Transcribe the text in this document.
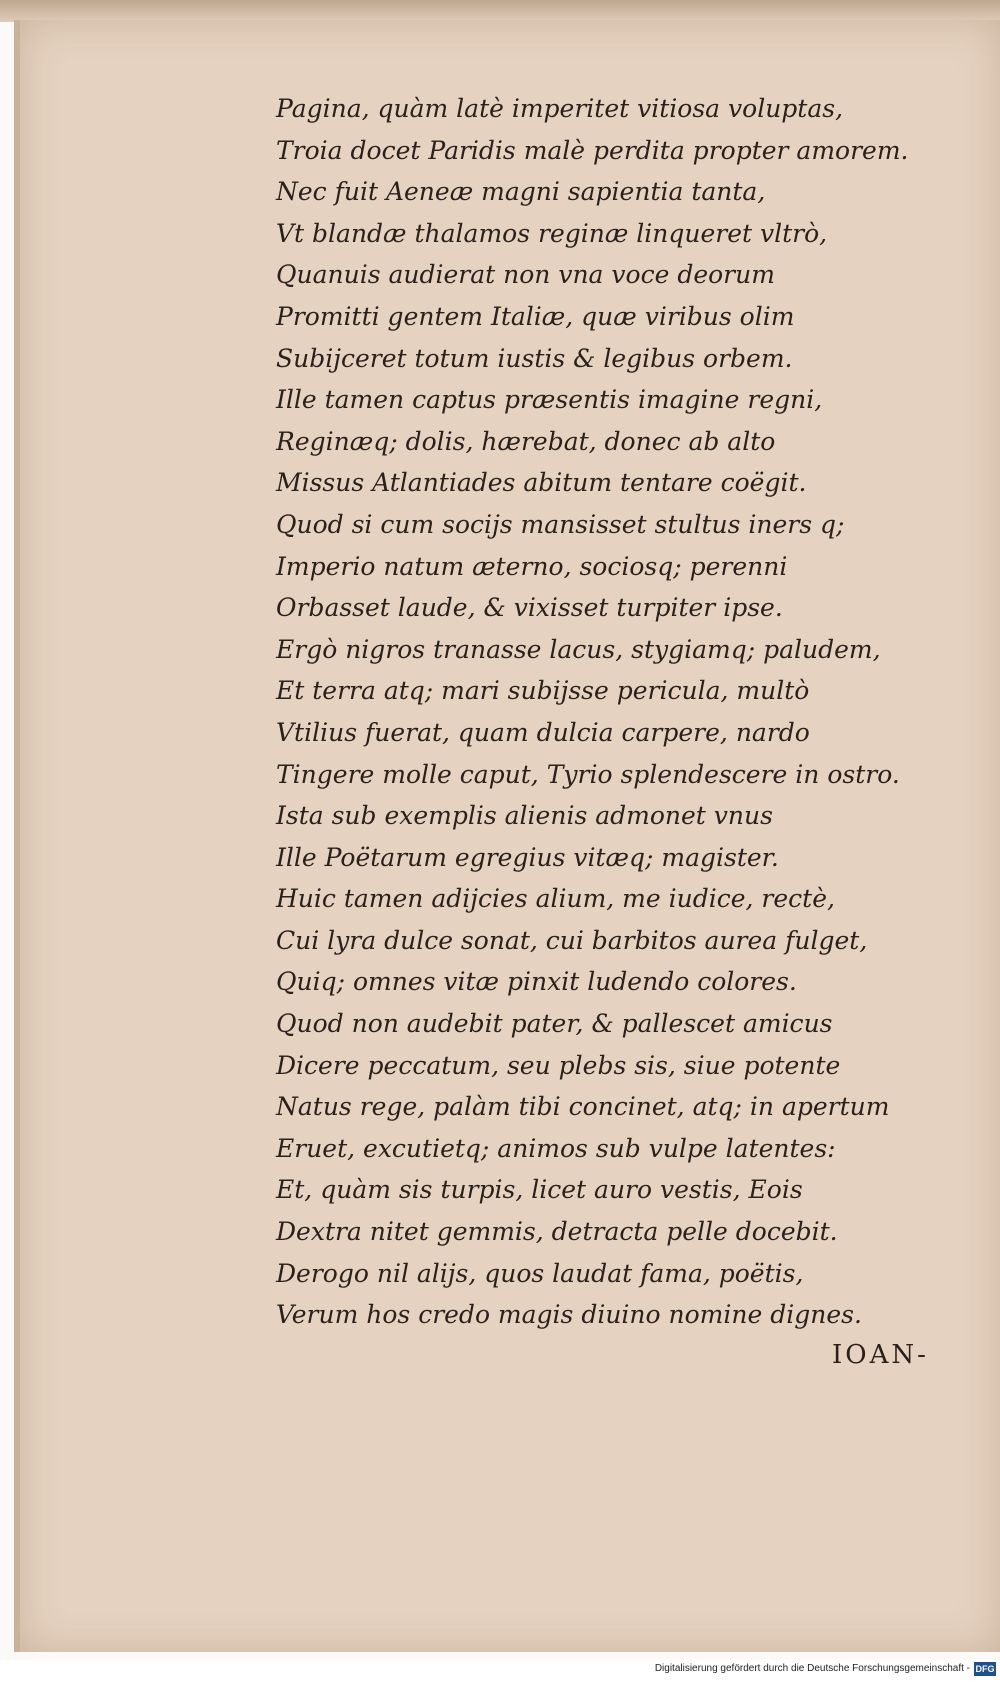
Pagina, quàm latè imperitet vitiosa voluptas,
Troia docet Paridis malè perdita propter amorem.
Nec fuit Aeneæ magni sapientia tanta,
Vt blandæ thalamos reginæ linqueret vltrò,
Quanuis audierat non vna voce deorum
Promitti gentem Italiæ, quæ viribus olim
Subijceret totum iustis & legibus orbem.
Ille tamen captus præsentis imagine regni,
Reginæq; dolis, hærebat, donec ab alto
Missus Atlantiades abitum tentare coëgit.
Quod si cum socijs mansisset stultus iners q;
Imperio natum æterno, sociosq; perenni
Orbasset laude, & vixisset turpiter ipse.
Ergò nigros tranasse lacus, stygiamq; paludem,
Et terra atq; mari subijsse pericula, multò
Vtilius fuerat, quam dulcia carpere, nardo
Tingere molle caput, Tyrio splendescere in ostro.
Ista sub exemplis alienis admonet vnus
Ille Poëtarum egregius vitæq; magister.
Huic tamen adijcies alium, me iudice, rectè,
Cui lyra dulce sonat, cui barbitos aurea fulget,
Quiq; omnes vitæ pinxit ludendo colores.
Quod non audebit pater, & pallescet amicus
Dicere peccatum, seu plebs sis, siue potente
Natus rege, palàm tibi concinet, atq; in apertum
Eruet, excutietq; animos sub vulpe latentes:
Et, quàm sis turpis, licet auro vestis, Eois
Dextra nitet gemmis, detracta pelle docebit.
Derogo nil alijs, quos laudat fama, poëtis,
Verum hos credo magis diuino nomine dignes.
IOAN-
Digitalisierung gefördert durch die Deutsche Forschungsgemeinschaft - DFG
